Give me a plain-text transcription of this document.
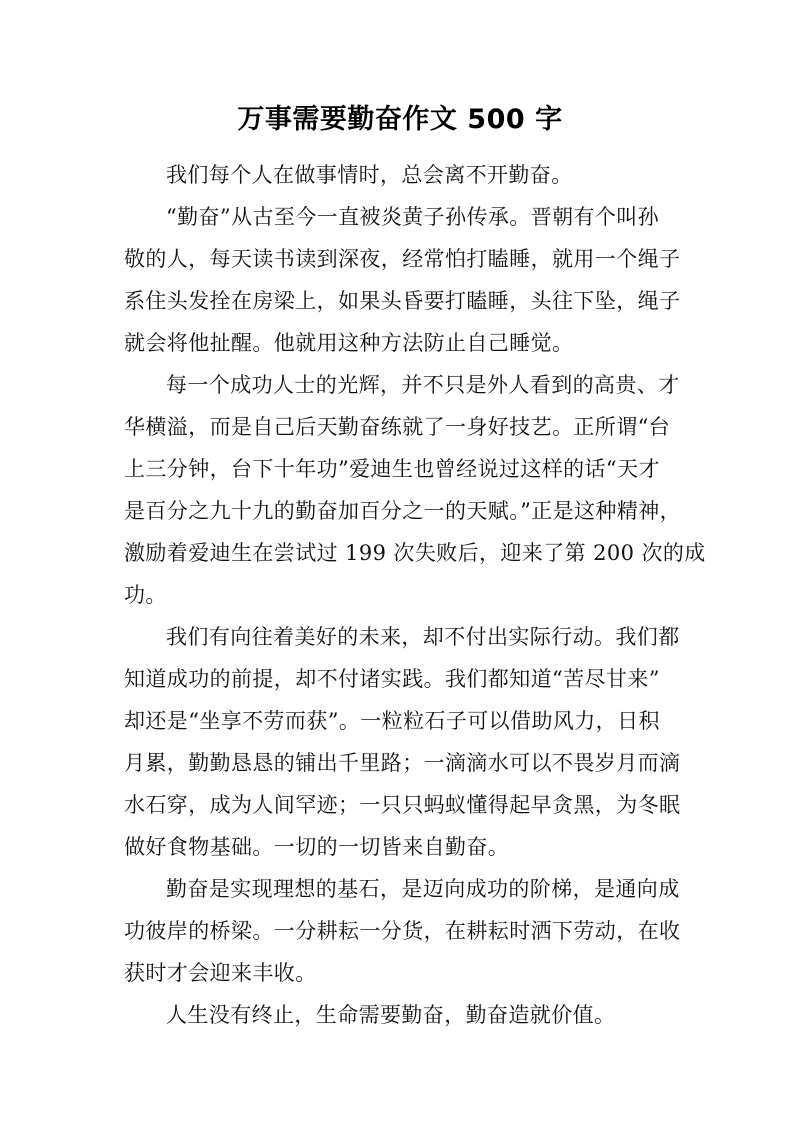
万事需要勤奋作文 500 字
我们每个人在做事情时，总会离不开勤奋。
“勤奋”从古至今一直被炎黄子孙传承。晋朝有个叫孙
敬的人，每天读书读到深夜，经常怕打瞌睡，就用一个绳子
系住头发拴在房梁上，如果头昏要打瞌睡，头往下坠，绳子
就会将他扯醒。他就用这种方法防止自己睡觉。
每一个成功人士的光辉，并不只是外人看到的高贵、才
华横溢，而是自己后天勤奋练就了一身好技艺。正所谓“台
上三分钟，台下十年功”爱迪生也曾经说过这样的话“天才
是百分之九十九的勤奋加百分之一的天赋。”正是这种精神，
激励着爱迪生在尝试过 199 次失败后，迎来了第 200 次的成
功。
我们有向往着美好的未来，却不付出实际行动。我们都
知道成功的前提，却不付诸实践。我们都知道“苦尽甘来”
却还是“坐享不劳而获”。一粒粒石子可以借助风力，日积
月累，勤勤恳恳的铺出千里路；一滴滴水可以不畏岁月而滴
水石穿，成为人间罕迹；一只只蚂蚁懂得起早贪黑，为冬眠
做好食物基础。一切的一切皆来自勤奋。
勤奋是实现理想的基石，是迈向成功的阶梯，是通向成
功彼岸的桥梁。一分耕耘一分货，在耕耘时洒下劳动，在收
获时才会迎来丰收。
人生没有终止，生命需要勤奋，勤奋造就价值。
